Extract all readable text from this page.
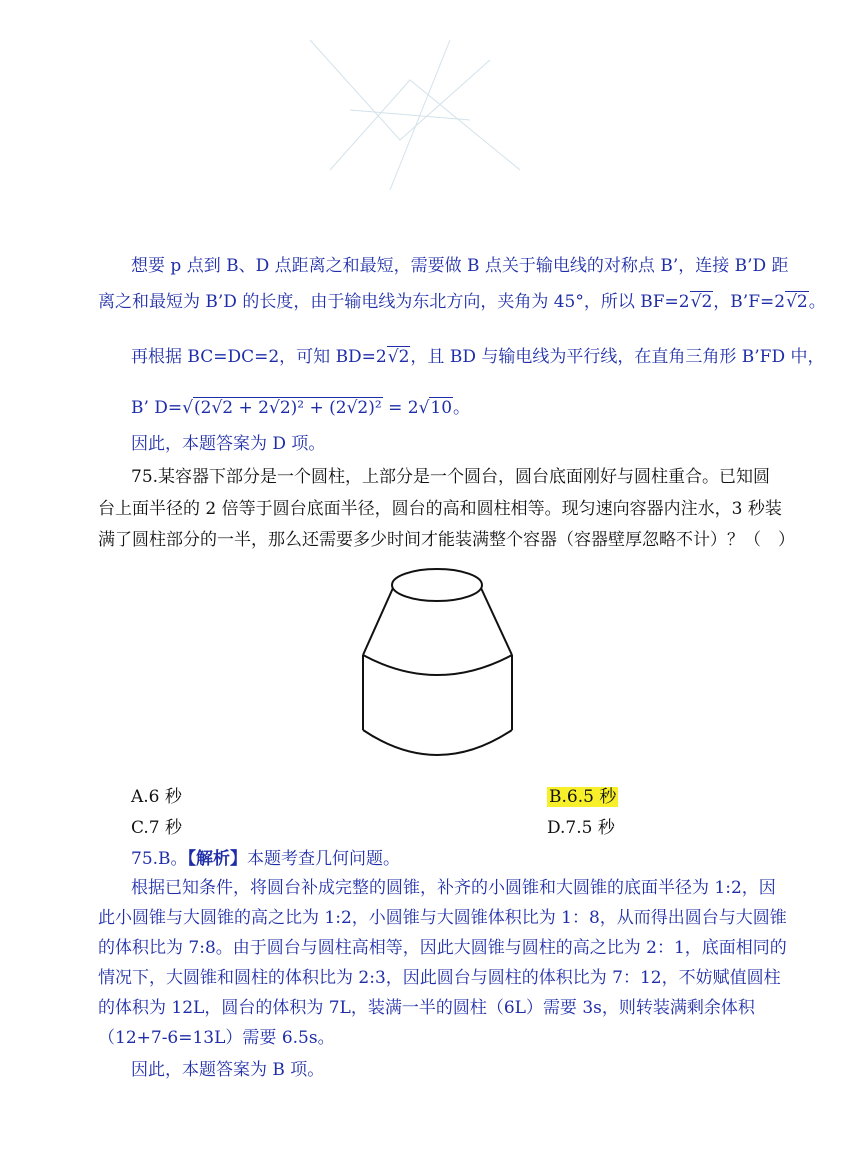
想要 p 点到 B、D 点距离之和最短，需要做 B 点关于输电线的对称点 B’，连接 B’D 距
离之和最短为 B’D 的长度，由于输电线为东北方向，夹角为 45°，所以 BF=2√2，B’F=2√2。
再根据 BC=DC=2，可知 BD=2√2，且 BD 与输电线为平行线，在直角三角形 B’FD 中，
B’ D=√(2√2 + 2√2)² + (2√2)² = 2√10。
因此，本题答案为 D 项。
75.某容器下部分是一个圆柱，上部分是一个圆台，圆台底面刚好与圆柱重合。已知圆
台上面半径的 2 倍等于圆台底面半径，圆台的高和圆柱相等。现匀速向容器内注水，3 秒装
满了圆柱部分的一半，那么还需要多少时间才能装满整个容器（容器壁厚忽略不计）？（　）
A.6 秒	B.6.5 秒
C.7 秒	D.7.5 秒
75.B。【解析】本题考查几何问题。
根据已知条件，将圆台补成完整的圆锥，补齐的小圆锥和大圆锥的底面半径为 1:2，因
此小圆锥与大圆锥的高之比为 1:2，小圆锥与大圆锥体积比为 1：8，从而得出圆台与大圆锥
的体积比为 7:8。由于圆台与圆柱高相等，因此大圆锥与圆柱的高之比为 2：1，底面相同的
情况下，大圆锥和圆柱的体积比为 2:3，因此圆台与圆柱的体积比为 7：12，不妨赋值圆柱
的体积为 12L，圆台的体积为 7L，装满一半的圆柱（6L）需要 3s，则转装满剩余体积
（12+7-6=13L）需要 6.5s。
因此，本题答案为 B 项。
